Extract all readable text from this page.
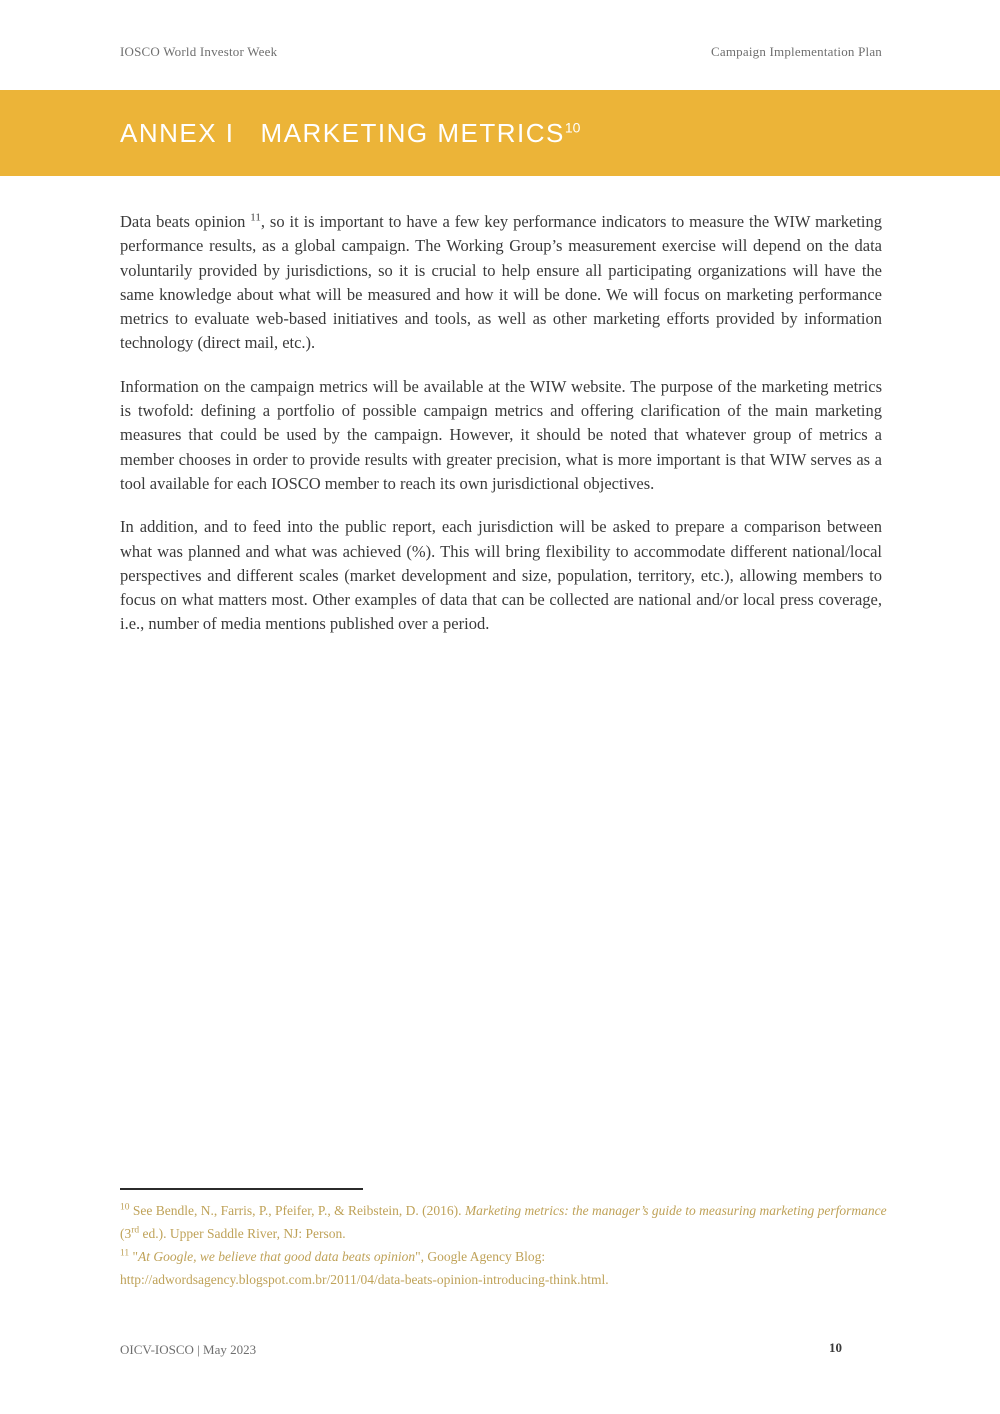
IOSCO World Investor Week	Campaign Implementation Plan
ANNEX I MARKETING METRICS$^{10}$

Data beats opinion $^{11}$, so it is important to have a few key performance indicators to measure the WIW marketing performance results, as a global campaign. The Working Group’s measurement exercise will depend on the data voluntarily provided by jurisdictions, so it is crucial to help ensure all participating organizations will have the same knowledge about what will be measured and how it will be done. We will focus on marketing performance metrics to evaluate web-based initiatives and tools, as well as other marketing efforts provided by information technology (direct mail, etc.).

Information on the campaign metrics will be available at the WIW website. The purpose of the marketing metrics is twofold: defining a portfolio of possible campaign metrics and offering clarification of the main marketing measures that could be used by the campaign. However, it should be noted that whatever group of metrics a member chooses in order to provide results with greater precision, what is more important is that WIW serves as a tool available for each IOSCO member to reach its own jurisdictional objectives.

In addition, and to feed into the public report, each jurisdiction will be asked to prepare a comparison between what was planned and what was achieved (%). This will bring flexibility to accommodate different national/local perspectives and different scales (market development and size, population, territory, etc.), allowing members to focus on what matters most. Other examples of data that can be collected are national and/or local press coverage, i.e., number of media mentions published over a period.

$^{10}$ See Bendle, N., Farris, P., Pfeifer, P., & Reibstein, D. (2016). Marketing metrics: the manager’s guide to measuring marketing performance (3rd ed.). Upper Saddle River, NJ: Person.

$^{11}$ "At Google, we believe that good data beats opinion", Google Agency Blog:
http://adwordsagency.blogspot.com.br/2011/04/data-beats-opinion-introducing-think.html.

OICV-IOSCO | May 2023	10
